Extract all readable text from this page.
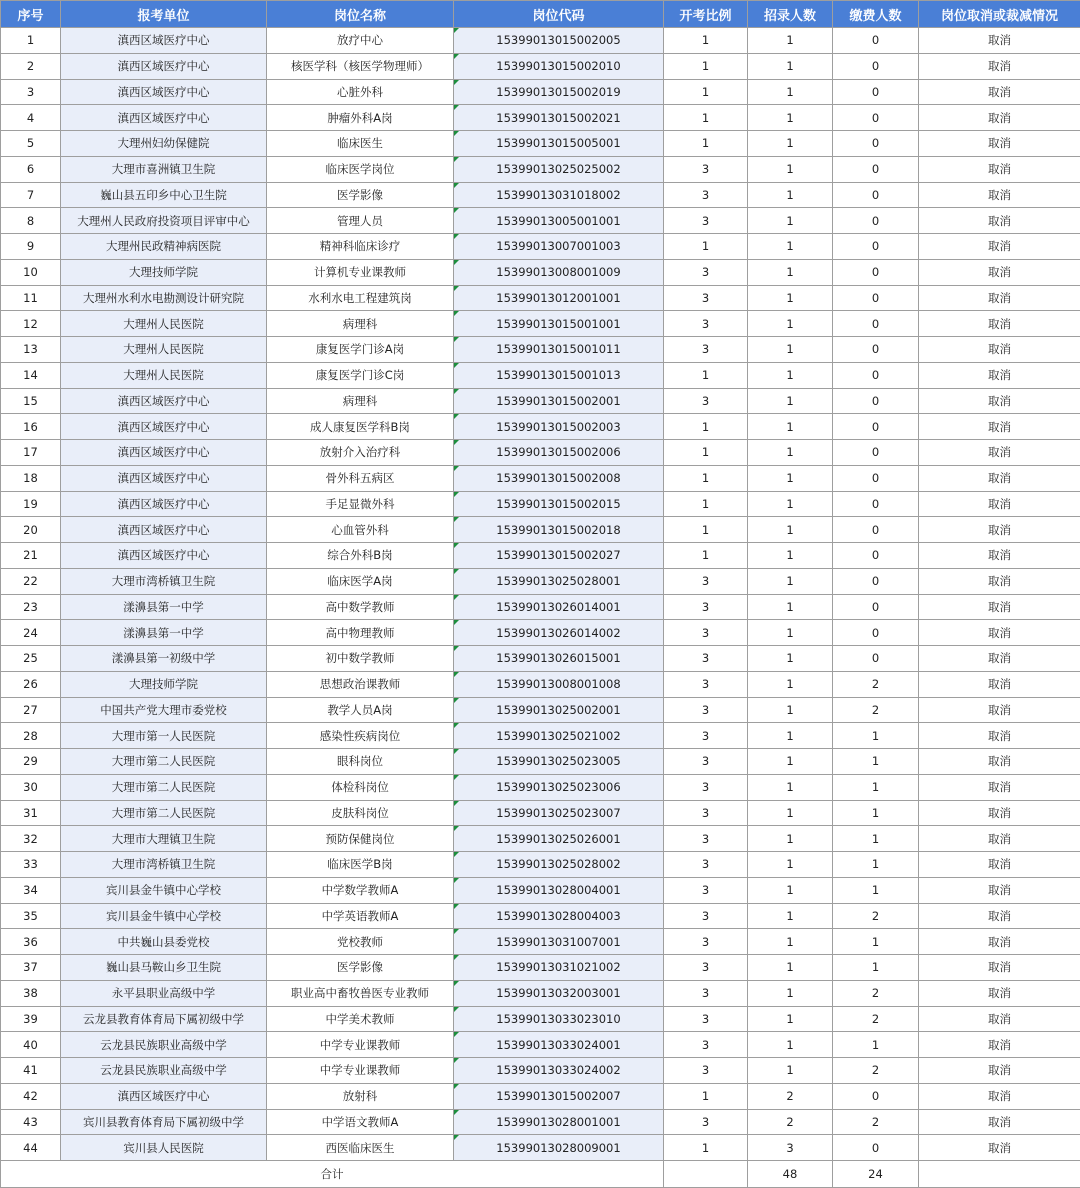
序号	报考单位	岗位名称	岗位代码	开考比例	招录人数	缴费人数	岗位取消或裁减情况
1	滇西区域医疗中心	放疗中心	15399013015002005	1	1	0	取消
2	滇西区域医疗中心	核医学科（核医学物理师）	15399013015002010	1	1	0	取消
3	滇西区域医疗中心	心脏外科	15399013015002019	1	1	0	取消
4	滇西区域医疗中心	肿瘤外科A岗	15399013015002021	1	1	0	取消
5	大理州妇幼保健院	临床医生	15399013015005001	1	1	0	取消
6	大理市喜洲镇卫生院	临床医学岗位	15399013025025002	3	1	0	取消
7	巍山县五印乡中心卫生院	医学影像	15399013031018002	3	1	0	取消
8	大理州人民政府投资项目评审中心	管理人员	15399013005001001	3	1	0	取消
9	大理州民政精神病医院	精神科临床诊疗	15399013007001003	1	1	0	取消
10	大理技师学院	计算机专业课教师	15399013008001009	3	1	0	取消
11	大理州水利水电勘测设计研究院	水利水电工程建筑岗	15399013012001001	3	1	0	取消
12	大理州人民医院	病理科	15399013015001001	3	1	0	取消
13	大理州人民医院	康复医学门诊A岗	15399013015001011	3	1	0	取消
14	大理州人民医院	康复医学门诊C岗	15399013015001013	1	1	0	取消
15	滇西区域医疗中心	病理科	15399013015002001	3	1	0	取消
16	滇西区域医疗中心	成人康复医学科B岗	15399013015002003	1	1	0	取消
17	滇西区域医疗中心	放射介入治疗科	15399013015002006	1	1	0	取消
18	滇西区域医疗中心	骨外科五病区	15399013015002008	1	1	0	取消
19	滇西区域医疗中心	手足显微外科	15399013015002015	1	1	0	取消
20	滇西区域医疗中心	心血管外科	15399013015002018	1	1	0	取消
21	滇西区域医疗中心	综合外科B岗	15399013015002027	1	1	0	取消
22	大理市湾桥镇卫生院	临床医学A岗	15399013025028001	3	1	0	取消
23	漾濞县第一中学	高中数学教师	15399013026014001	3	1	0	取消
24	漾濞县第一中学	高中物理教师	15399013026014002	3	1	0	取消
25	漾濞县第一初级中学	初中数学教师	15399013026015001	3	1	0	取消
26	大理技师学院	思想政治课教师	15399013008001008	3	1	2	取消
27	中国共产党大理市委党校	教学人员A岗	15399013025002001	3	1	2	取消
28	大理市第一人民医院	感染性疾病岗位	15399013025021002	3	1	1	取消
29	大理市第二人民医院	眼科岗位	15399013025023005	3	1	1	取消
30	大理市第二人民医院	体检科岗位	15399013025023006	3	1	1	取消
31	大理市第二人民医院	皮肤科岗位	15399013025023007	3	1	1	取消
32	大理市大理镇卫生院	预防保健岗位	15399013025026001	3	1	1	取消
33	大理市湾桥镇卫生院	临床医学B岗	15399013025028002	3	1	1	取消
34	宾川县金牛镇中心学校	中学数学教师A	15399013028004001	3	1	1	取消
35	宾川县金牛镇中心学校	中学英语教师A	15399013028004003	3	1	2	取消
36	中共巍山县委党校	党校教师	15399013031007001	3	1	1	取消
37	巍山县马鞍山乡卫生院	医学影像	15399013031021002	3	1	1	取消
38	永平县职业高级中学	职业高中畜牧兽医专业教师	15399013032003001	3	1	2	取消
39	云龙县教育体育局下属初级中学	中学美术教师	15399013033023010	3	1	2	取消
40	云龙县民族职业高级中学	中学专业课教师	15399013033024001	3	1	1	取消
41	云龙县民族职业高级中学	中学专业课教师	15399013033024002	3	1	2	取消
42	滇西区域医疗中心	放射科	15399013015002007	1	2	0	取消
43	宾川县教育体育局下属初级中学	中学语文教师A	15399013028001001	3	2	2	取消
44	宾川县人民医院	西医临床医生	15399013028009001	1	3	0	取消
合计					48	24	
